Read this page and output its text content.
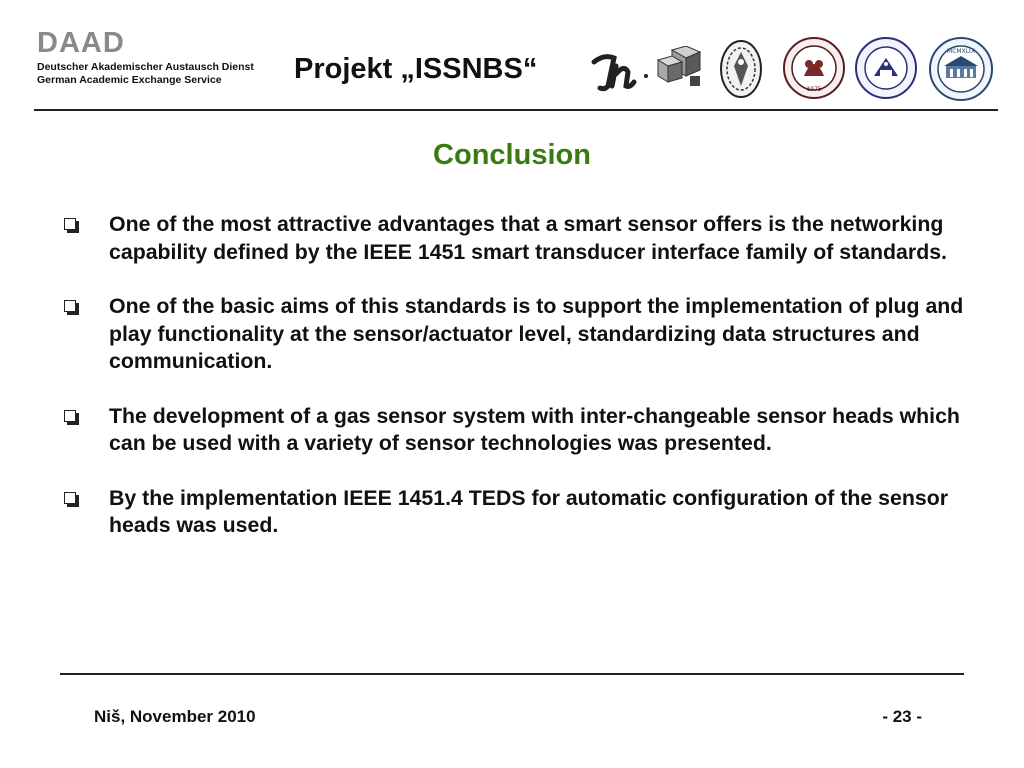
DAAD
Deutscher Akademischer Austausch Dienst
German Academic Exchange Service Projekt „ISSNBS“
1975
MCMXLIX
Conclusion
One of the most attractive advantages that a smart sensor offers is the networking capability defined by the IEEE 1451 smart transducer interface family of standards.
One of the basic aims of this standards is to support the implementation of plug and play functionality at the sensor/actuator level, standardizing data structures and communication.
The development of a gas sensor system with inter-changeable sensor heads which can be used with a variety of sensor technologies was presented.
By the implementation IEEE 1451.4 TEDS for automatic configuration of the sensor heads was used.
Niš, November 2010	- 23 -
